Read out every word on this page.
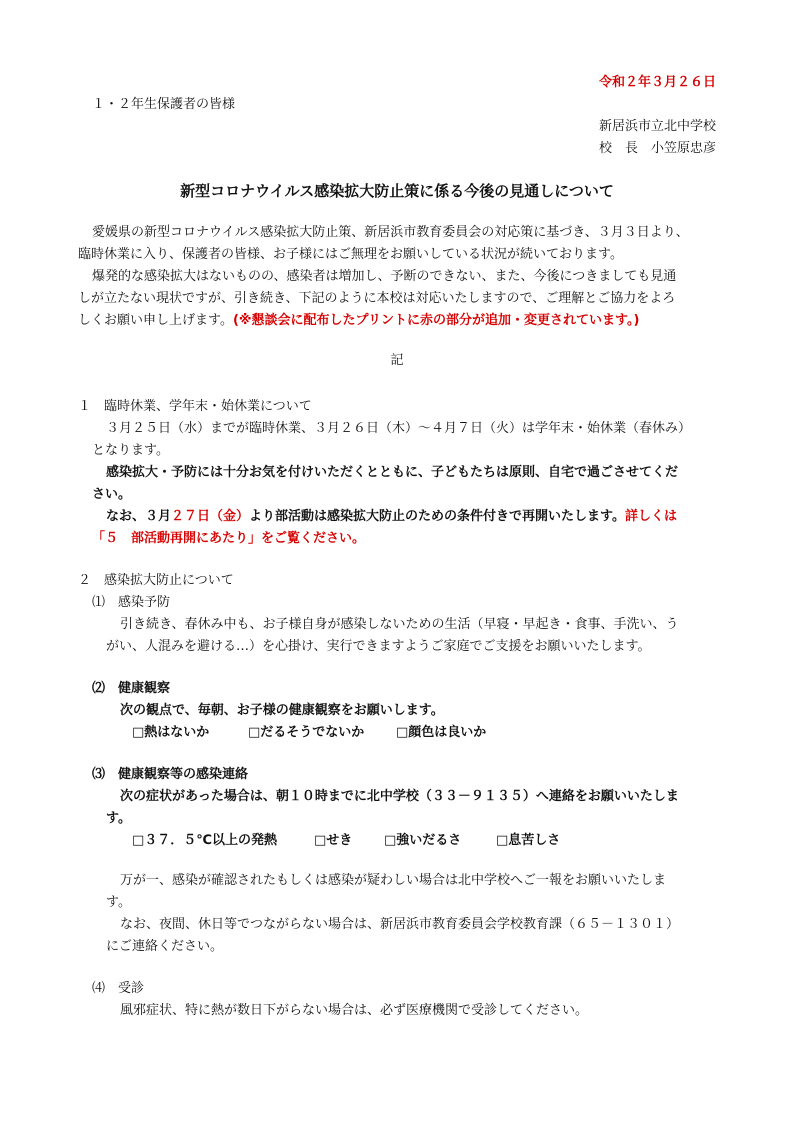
令和２年３月２６日
１・２年生保護者の皆様
新居浜市立北中学校
校　長　小笠原忠彦
新型コロナウイルス感染拡大防止策に係る今後の見通しについて
愛媛県の新型コロナウイルス感染拡大防止策、新居浜市教育委員会の対応策に基づき、３月３日より、
臨時休業に入り、保護者の皆様、お子様にはご無理をお願いしている状況が続いております。
爆発的な感染拡大はないものの、感染者は増加し、予断のできない、また、今後につきましても見通
しが立たない現状ですが、引き続き、下記のように本校は対応いたしますので、ご理解とご協力をよろ
しくお願い申し上げます。(※懇談会に配布したプリントに赤の部分が追加・変更されています。)
記
１　臨時休業、学年末・始休業について
３月２５日（水）までが臨時休業、３月２６日（木）～４月７日（火）は学年末・始休業（春休み）
となります。
感染拡大・予防には十分お気を付けいただくとともに、子どもたちは原則、自宅で過ごさせてくだ
さい。
なお、３月２７日（金）より部活動は感染拡大防止のための条件付きで再開いたします。詳しくは
「５　部活動再開にあたり」をご覧ください。
２　感染拡大防止について
⑴　感染予防
引き続き、春休み中も、お子様自身が感染しないための生活（早寝・早起き・食事、手洗い、う
がい、人混みを避ける…）を心掛け、実行できますようご家庭でご支援をお願いいたします。
⑵　健康観察
次の観点で、毎朝、お子様の健康観察をお願いします。
□熱はないか	□だるそうでないか □顔色は良いか
⑶　健康観察等の感染連絡
次の症状があった場合は、朝１０時までに北中学校（３３－９１３５）へ連絡をお願いいたしま
す。
□３７．５℃以上の発熱	□せき □強いだるさ	□息苦しさ
万が一、感染が確認されたもしくは感染が疑わしい場合は北中学校へご一報をお願いいたしま
す。
なお、夜間、休日等でつながらない場合は、新居浜市教育委員会学校教育課（６５－１３０１）
にご連絡ください。
⑷　受診
風邪症状、特に熱が数日下がらない場合は、必ず医療機関で受診してください。
